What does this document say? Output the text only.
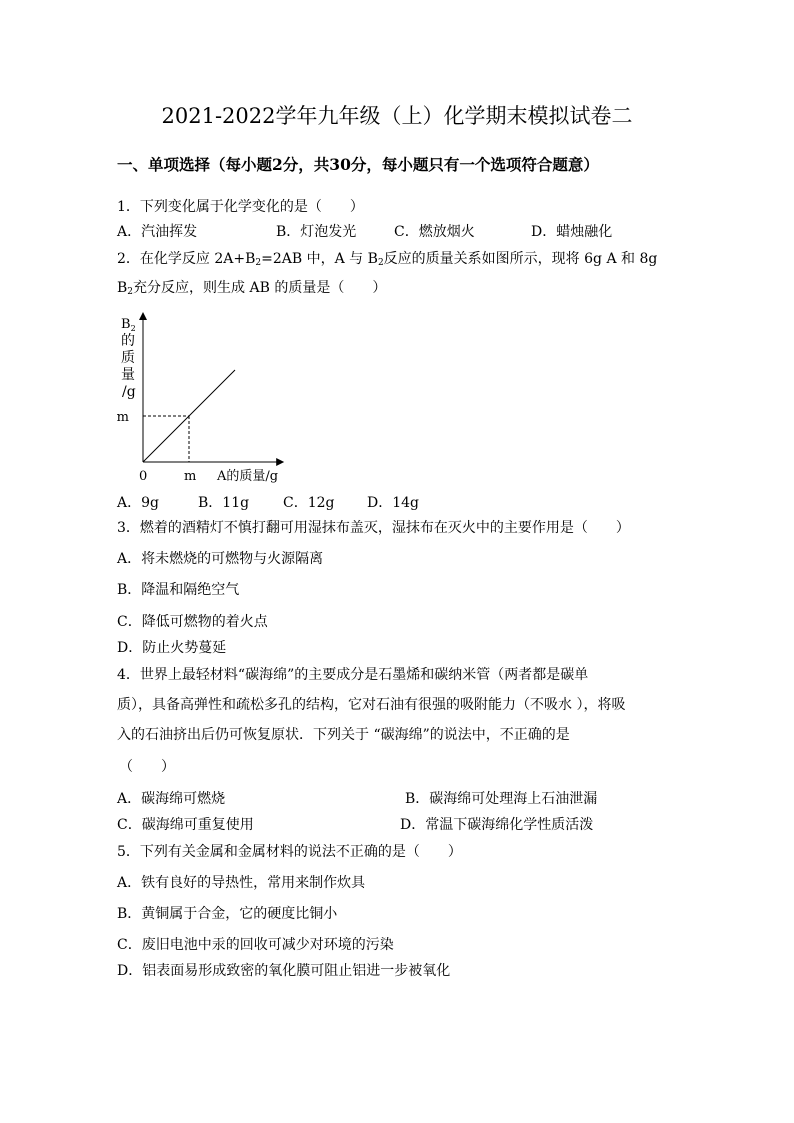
2021-2022学年九年级（上）化学期末模拟试卷二
一、单项选择（每小题2分，共30分，每小题只有一个选项符合题意）
1．下列变化属于化学变化的是（　　）
A．汽油挥发	B．灯泡发光	C．燃放烟火	D．蜡烛融化
2．在化学反应 $2A+B_2=2AB$ 中，A 与 $B_2$反应的质量关系如图所示，现将 6g A 和 8g
$B_2$充分反应，则生成 AB 的质量是（　　）
0	m
m
A的质量/g
$B_2$
的
质
量
/g
A．9g	B．11g C．12g D．14g
3．燃着的酒精灯不慎打翻可用湿抹布盖灭，湿抹布在灭火中的主要作用是（　　）
A．将未燃烧的可燃物与火源隔离
B．降温和隔绝空气
C．降低可燃物的着火点
D．防止火势蔓延
4．世界上最轻材料“碳海绵”的主要成分是石墨烯和碳纳米管（两者都是碳单
质），具备高弹性和疏松多孔的结构，它对石油有很强的吸附能力（不吸水 ），将吸
入的石油挤出后仍可恢复原状．下列关于 “碳海绵”的说法中，不正确的是
（　　）
A．碳海绵可燃烧	B．碳海绵可处理海上石油泄漏
C．碳海绵可重复使用	D．常温下碳海绵化学性质活泼
5．下列有关金属和金属材料的说法不正确的是（　　）
A．铁有良好的导热性，常用来制作炊具
B．黄铜属于合金，它的硬度比铜小
C．废旧电池中汞的回收可减少对环境的污染
D．铝表面易形成致密的氧化膜可阻止铝进一步被氧化
